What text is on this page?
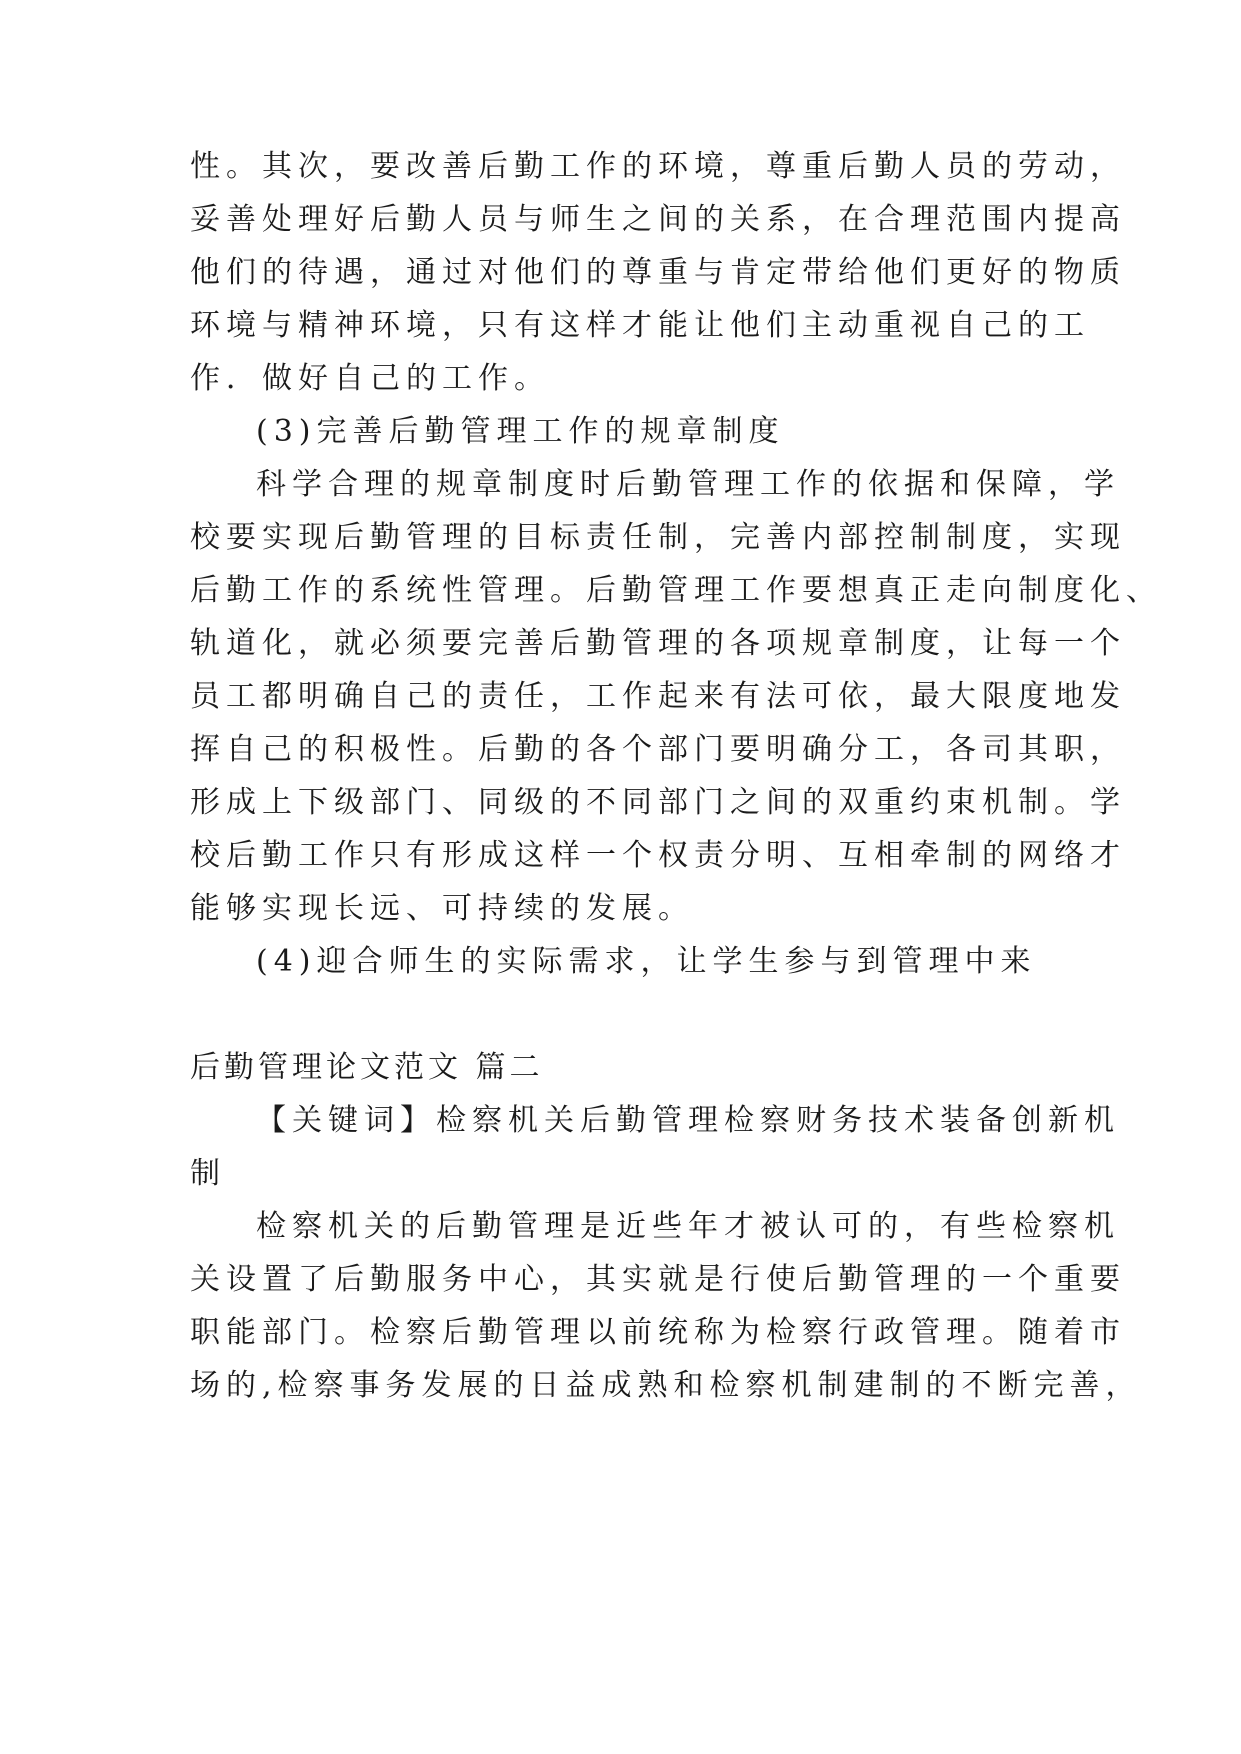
性。其次，要改善后勤工作的环境，尊重后勤人员的劳动，
妥善处理好后勤人员与师生之间的关系，在合理范围内提高
他们的待遇，通过对他们的尊重与肯定带给他们更好的物质
环境与精神环境，只有这样才能让他们主动重视自己的工
作．做好自己的工作。
(3)完善后勤管理工作的规章制度
科学合理的规章制度时后勤管理工作的依据和保障，学
校要实现后勤管理的目标责任制，完善内部控制制度，实现
后勤工作的系统性管理。后勤管理工作要想真正走向制度化、
轨道化，就必须要完善后勤管理的各项规章制度，让每一个
员工都明确自己的责任，工作起来有法可依，最大限度地发
挥自己的积极性。后勤的各个部门要明确分工，各司其职，
形成上下级部门、同级的不同部门之间的双重约束机制。学
校后勤工作只有形成这样一个权责分明、互相牵制的网络才
能够实现长远、可持续的发展。
(4)迎合师生的实际需求，让学生参与到管理中来
后勤管理论文范文 篇二
【关键词】检察机关后勤管理检察财务技术装备创新机
制
检察机关的后勤管理是近些年才被认可的，有些检察机
关设置了后勤服务中心，其实就是行使后勤管理的一个重要
职能部门。检察后勤管理以前统称为检察行政管理。随着市
场的,检察事务发展的日益成熟和检察机制建制的不断完善，
